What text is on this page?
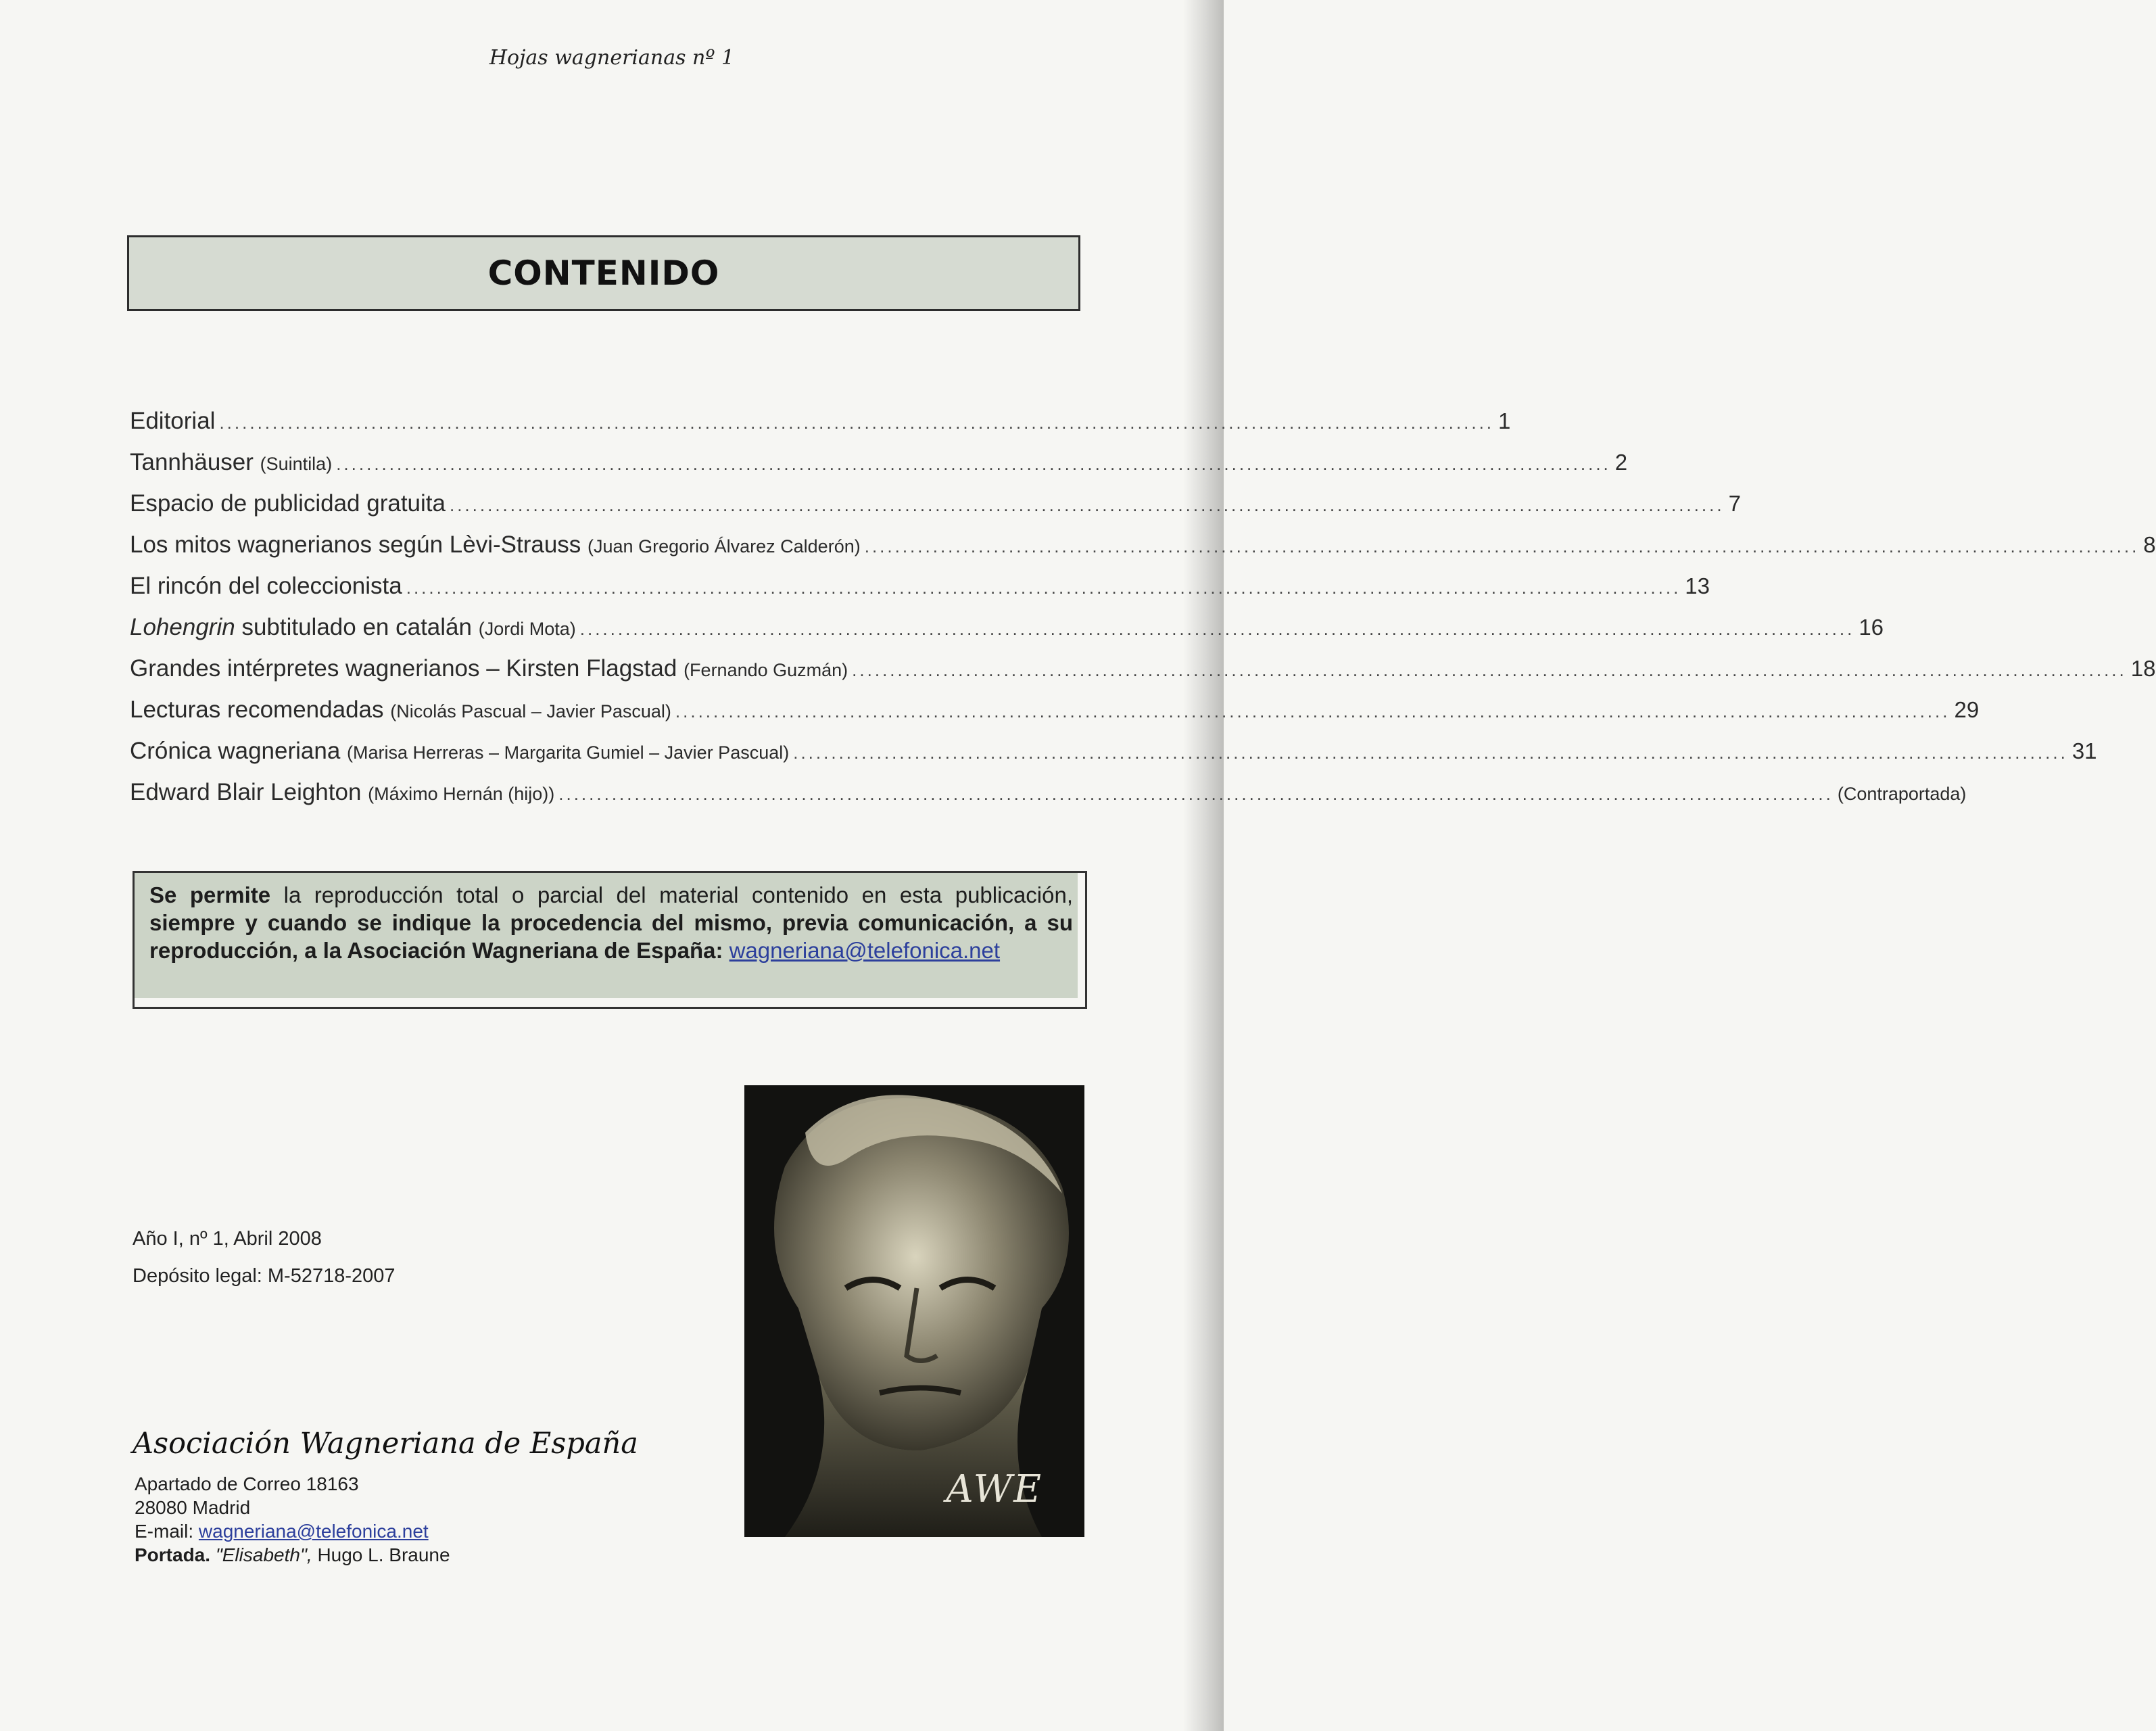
Hojas wagnerianas nº 1
CONTENIDO
Editorial ........................................................................................................................................................................ 1
Tannhäuser (Suintila) ........................................................................................................................................................................ 2
Espacio de publicidad gratuita ........................................................................................................................................................................ 7
Los mitos wagnerianos según Lèvi-Strauss (Juan Gregorio Álvarez Calderón) ........................................................................................................................................................................ 8
El rincón del coleccionista ........................................................................................................................................................................ 13
Lohengrin subtitulado en catalán (Jordi Mota) ........................................................................................................................................................................ 16
Grandes intérpretes wagnerianos – Kirsten Flagstad (Fernando Guzmán) ........................................................................................................................................................................ 18
Lecturas recomendadas (Nicolás Pascual – Javier Pascual) ........................................................................................................................................................................ 29
Crónica wagneriana (Marisa Herreras – Margarita Gumiel – Javier Pascual) ........................................................................................................................................................................ 31
Edward Blair Leighton (Máximo Hernán (hijo)) ........................................................................................................................................................................ (Contraportada)
Se permite la reproducción total o parcial del material contenido en esta publicación, siempre y cuando se indique la procedencia del mismo, previa comunicación, a su reproducción, a la Asociación Wagneriana de España: wagneriana@telefonica.net
Año I, nº 1, Abril 2008
Depósito legal: M-52718-2007
AWE
Asociación Wagneriana de España
Apartado de Correo 18163
28080 Madrid
E-mail: wagneriana@telefonica.net
Portada. "Elisabeth", Hugo L. Braune
